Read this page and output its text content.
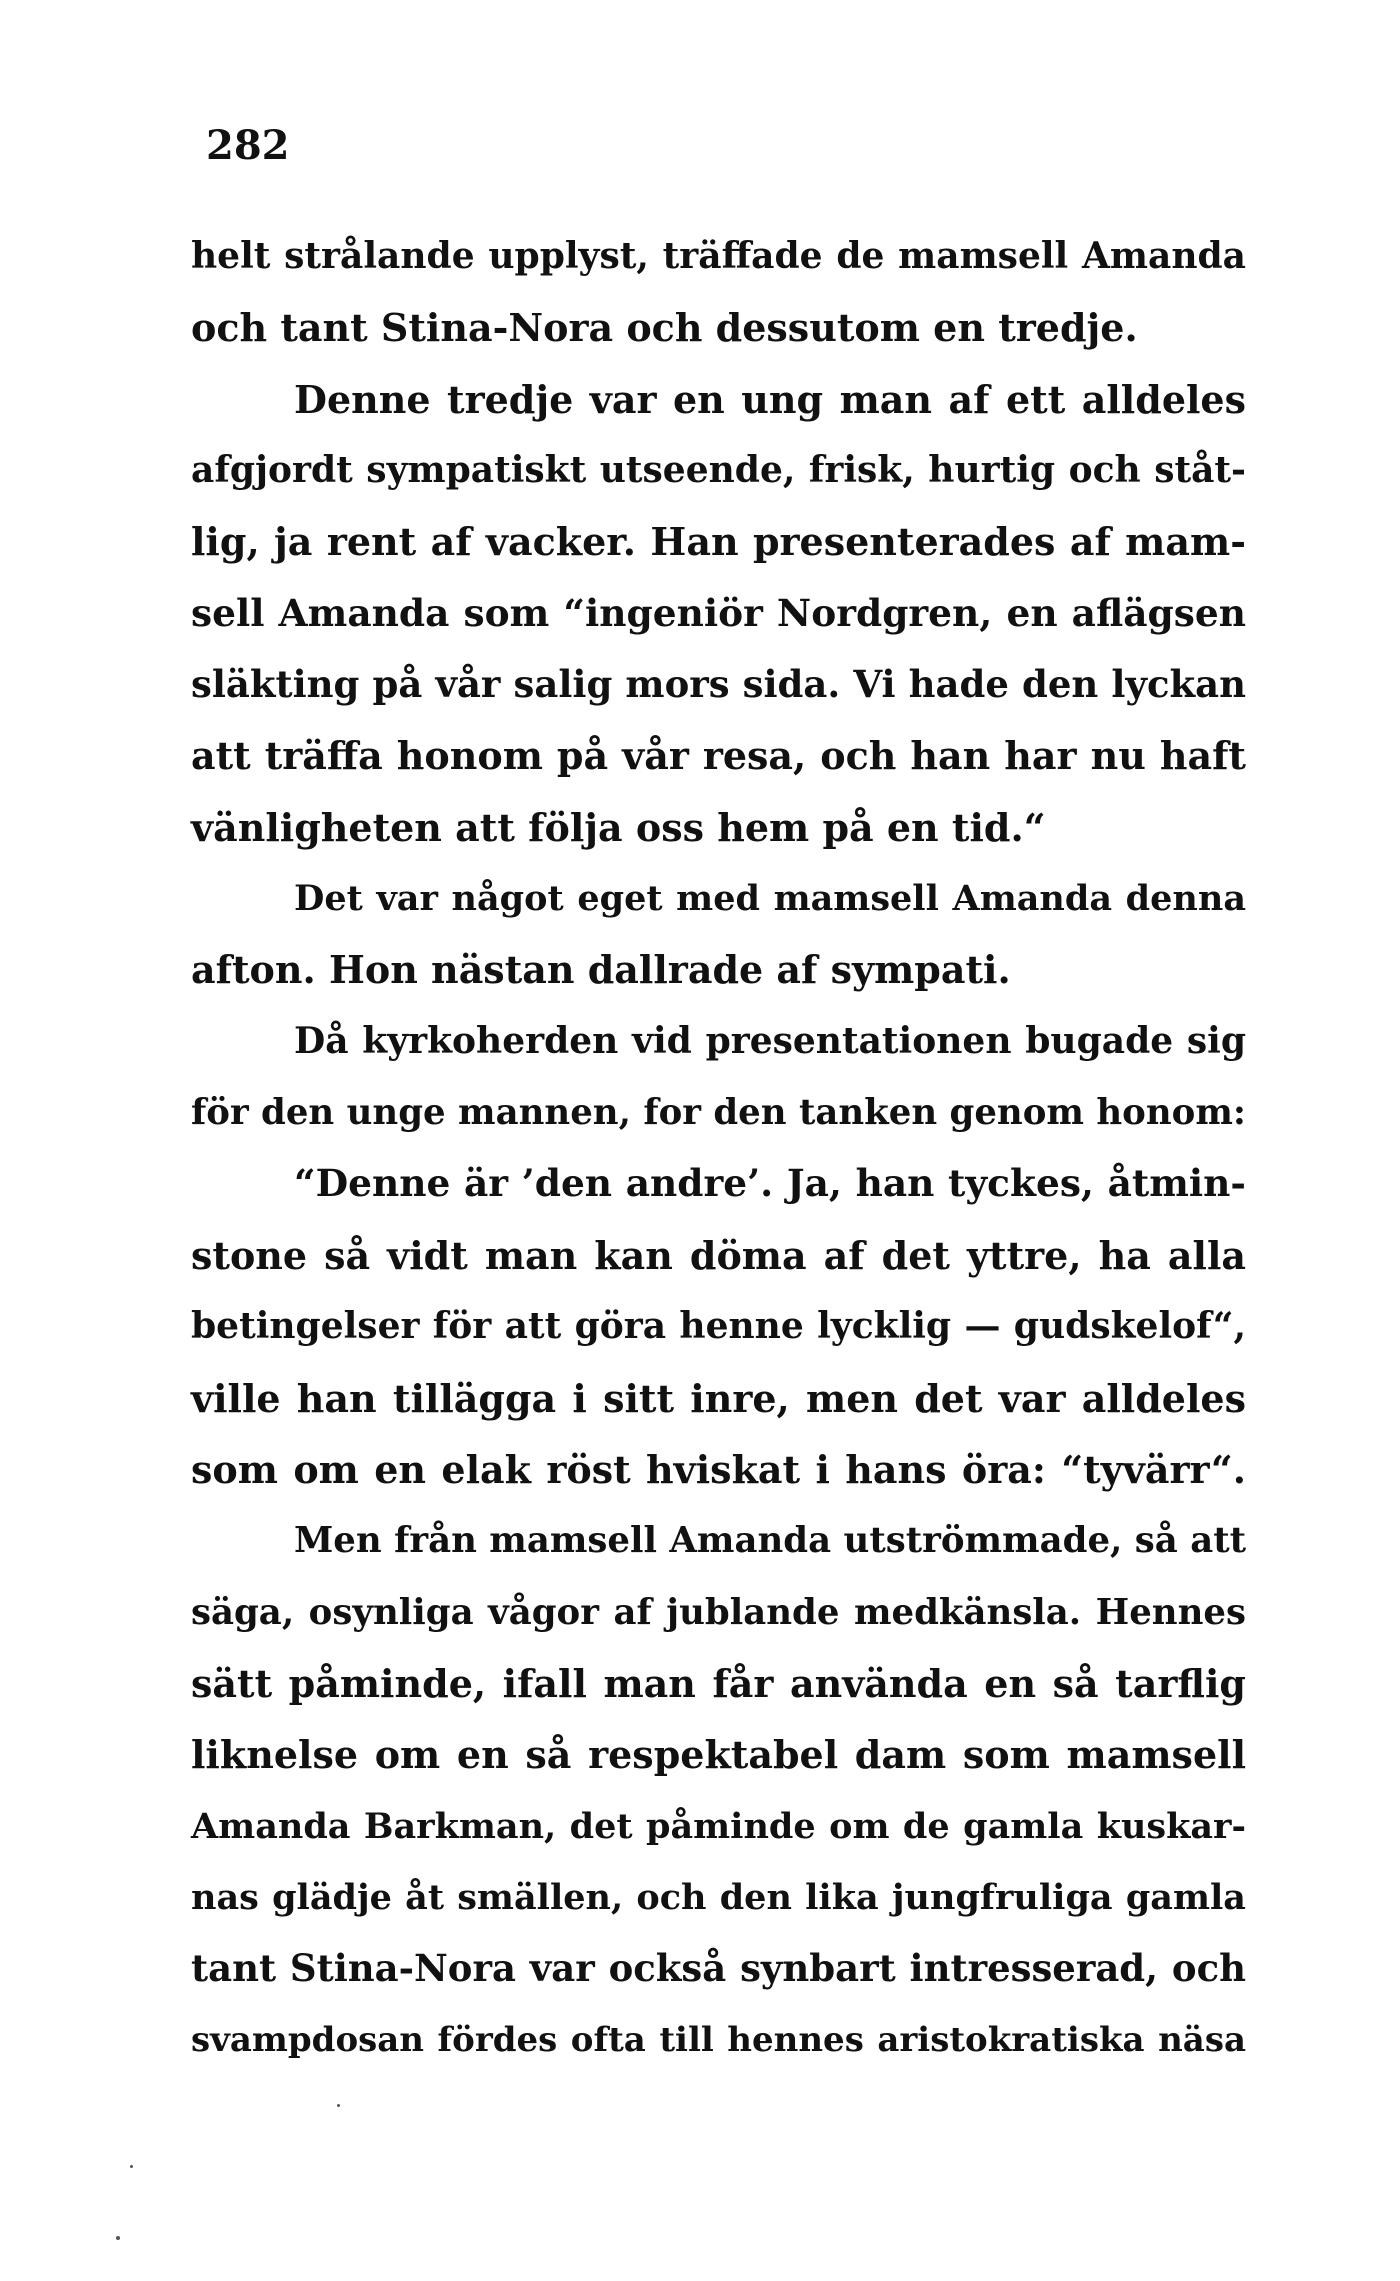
282
helt strålande upplyst, träffade de mamsell Amanda
och tant Stina-Nora och dessutom en tredje.
Denne tredje var en ung man af ett alldeles
afgjordt sympatiskt utseende, frisk, hurtig och ståt-
lig, ja rent af vacker. Han presenterades af mam-
sell Amanda som “ingeniör Nordgren, en aflägsen
släkting på vår salig mors sida. Vi hade den lyckan
att träffa honom på vår resa, och han har nu haft
vänligheten att följa oss hem på en tid.“
Det var något eget med mamsell Amanda denna
afton. Hon nästan dallrade af sympati.
Då kyrkoherden vid presentationen bugade sig
för den unge mannen, for den tanken genom honom:
“Denne är ’den andre’. Ja, han tyckes, åtmin-
stone så vidt man kan döma af det yttre, ha alla
betingelser för att göra henne lycklig — gudskelof“,
ville han tillägga i sitt inre, men det var alldeles
som om en elak röst hviskat i hans öra: “tyvärr“.
Men från mamsell Amanda utströmmade, så att
säga, osynliga vågor af jublande medkänsla. Hennes
sätt påminde, ifall man får använda en så tarflig
liknelse om en så respektabel dam som mamsell
Amanda Barkman, det påminde om de gamla kuskar-
nas glädje åt smällen, och den lika jungfruliga gamla
tant Stina-Nora var också synbart intresserad, och
svampdosan fördes ofta till hennes aristokratiska näsa
